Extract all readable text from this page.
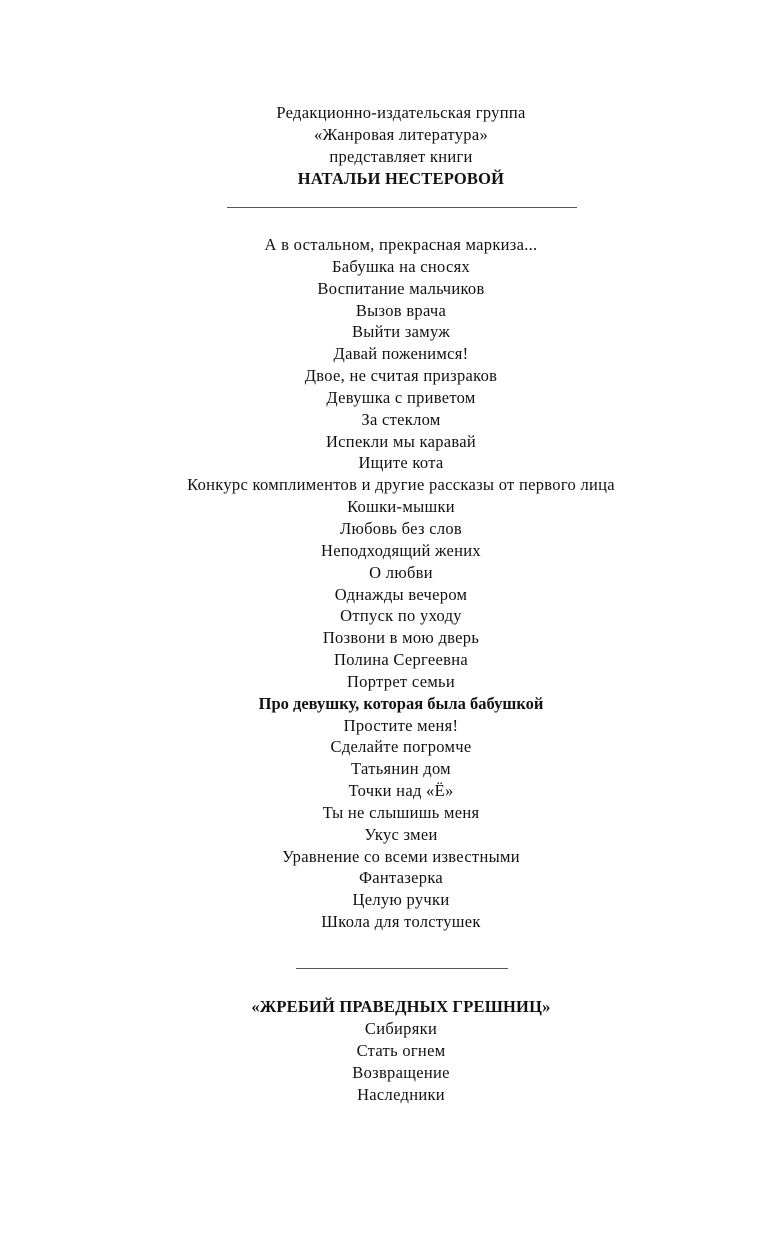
Редакционно-издательская группа
«Жанровая литература»
представляет книги
НАТАЛЬИ НЕСТЕРОВОЙ
А в остальном, прекрасная маркиза...
Бабушка на сносях
Воспитание мальчиков
Вызов врача
Выйти замуж
Давай поженимся!
Двое, не считая призраков
Девушка с приветом
За стеклом
Испекли мы каравай
Ищите кота
Конкурс комплиментов и другие рассказы от первого лица
Кошки-мышки
Любовь без слов
Неподходящий жених
О любви
Однажды вечером
Отпуск по уходу
Позвони в мою дверь
Полина Сергеевна
Портрет семьи
Про девушку, которая была бабушкой
Простите меня!
Сделайте погромче
Татьянин дом
Точки над «Ё»
Ты не слышишь меня
Укус змеи
Уравнение со всеми известными
Фантазерка
Целую ручки
Школа для толстушек
«ЖРЕБИЙ ПРАВЕДНЫХ ГРЕШНИЦ»
Сибиряки
Стать огнем
Возвращение
Наследники
